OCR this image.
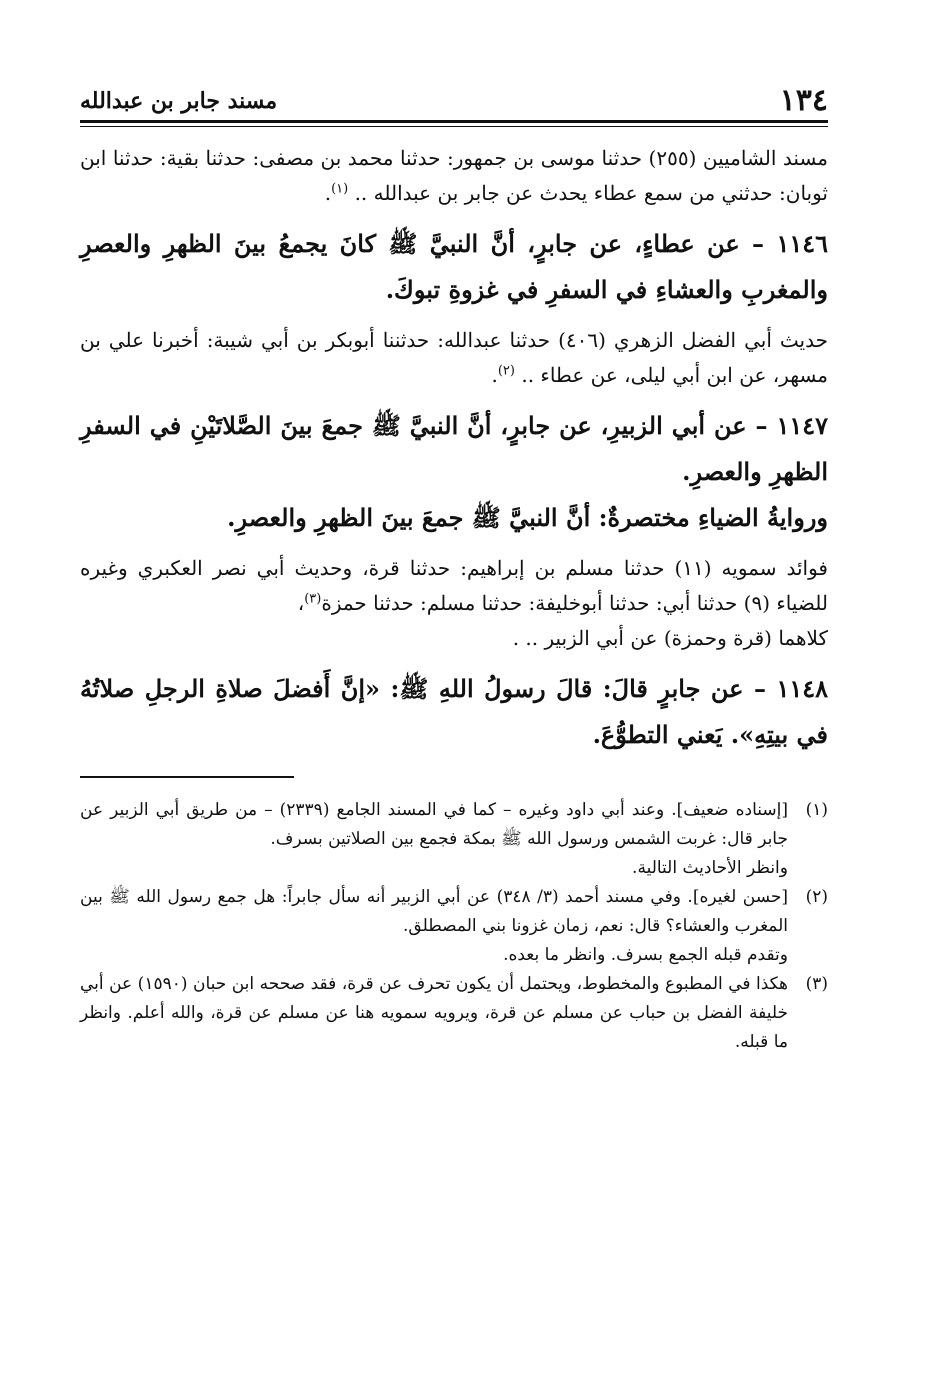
١٣٤
مسند جابر بن عبدالله

مسند الشاميين (٢٥٥) حدثنا موسى بن جمهور: حدثنا محمد بن مصفى: حدثنا بقية: حدثنا ابن ثوبان: حدثني من سمع عطاء يحدث عن جابر بن عبدالله .. $^{(١)}$.

١١٤٦ – عن عطاءٍ، عن جابرٍ، أنَّ النبيَّ ﷺ كانَ يجمعُ بينَ الظهرِ والعصرِ والمغربِ والعشاءِ في السفرِ في غزوةِ تبوكَ.

حديث أبي الفضل الزهري (٤٠٦) حدثنا عبدالله: حدثننا أبوبكر بن أبي شيبة: أخبرنا علي بن مسهر، عن ابن أبي ليلى، عن عطاء .. $^{(٢)}$.

١١٤٧ – عن أبي الزبيرِ، عن جابرٍ، أنَّ النبيَّ ﷺ جمعَ بينَ الصَّلاتَيْنِ في السفرِ الظهرِ والعصرِ.

وروايةُ الضياءِ مختصرةٌ: أنَّ النبيَّ ﷺ جمعَ بينَ الظهرِ والعصرِ.

فوائد سمويه (١١) حدثنا مسلم بن إبراهيم: حدثنا قرة، وحديث أبي نصر العكبري وغيره للضياء (٩) حدثنا أبي: حدثنا أبوخليفة: حدثنا مسلم: حدثنا حمزة$^{(٣)}$،

كلاهما (قرة وحمزة) عن أبي الزبير .. .

١١٤٨ – عن جابرٍ قالَ: قالَ رسولُ اللهِ ﷺ: «إنَّ أَفضلَ صلاةِ الرجلِ صلاتُهُ في بيتِهِ». يَعني التطوُّعَ.

(١)
[إسناده ضعيف]. وعند أبي داود وغيره – كما في المسند الجامع (٢٣٣٩) – من طريق أبي الزبير عن جابر قال: غربت الشمس ورسول الله ﷺ بمكة فجمع بين الصلاتين بسرف.
وانظر الأحاديث التالية.
(٢)
[حسن لغيره]. وفي مسند أحمد (٣/ ٣٤٨) عن أبي الزبير أنه سأل جابراً: هل جمع رسول الله ﷺ بين المغرب والعشاء؟ قال: نعم، زمان غزونا بني المصطلق.
وتقدم قبله الجمع بسرف. وانظر ما بعده.
(٣)
هكذا في المطبوع والمخطوط، ويحتمل أن يكون تحرف عن قرة، فقد صححه ابن حبان (١٥٩٠) عن أبي خليفة الفضل بن حباب عن مسلم عن قرة، ويرويه سمويه هنا عن مسلم عن قرة، والله أعلم. وانظر ما قبله.
